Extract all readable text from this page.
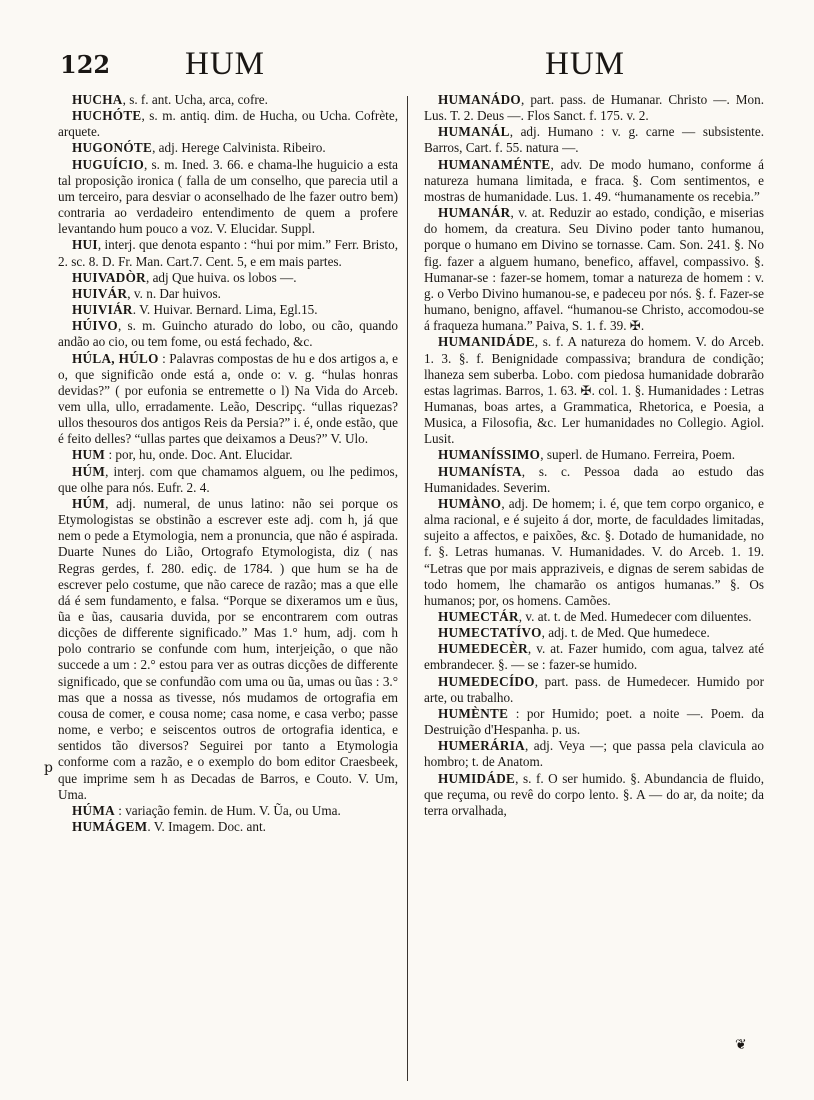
122 HUM	HUM
p
❦

HUCHA, s. f. ant. Ucha, arca, cofre.

HUCHÓTE, s. m. antiq. dim. de Hucha, ou Ucha. Cofrète, arquete.

HUGONÓTE, adj. Herege Calvinista. Ribeiro.

HUGUÍCIO, s. m. Ined. 3. 66. e chama-lhe huguicio a esta tal proposição ironica ( falla de um conselho, que parecia util a um terceiro, para desviar o aconselhado de lhe fazer outro bem) contraria ao verdadeiro entendimento de quem a profere levantando hum pouco a voz. V. Elucidar. Suppl.

HUI, interj. que denota espanto : “hui por mim.” Ferr. Bristo, 2. sc. 8. D. Fr. Man. Cart.7. Cent. 5, e em mais partes.

HUIVADÒR, adj Que huiva. os lobos —.

HUIVÁR, v. n. Dar huivos.

HUIVIÁR. V. Huivar. Bernard. Lima, Egl.15.

HÚIVO, s. m. Guincho aturado do lobo, ou cão, quando andão ao cio, ou tem fome, ou está fechado, &c.

HÚLA, HÚLO : Palavras compostas de hu e dos artigos a, e o, que significão onde está a, onde o: v. g. “hulas honras devidas?” ( por eufonia se entremette o l) Na Vida do Arceb. vem ulla, ullo, erradamente. Leão, Descripç. “ullas riquezas? ullos thesouros dos antigos Reis da Persia?” i. é, onde estão, que é feito delles? “ullas partes que deixamos a Deus?” V. Ulo.

HUM : por, hu, onde. Doc. Ant. Elucidar.

HÚM, interj. com que chamamos alguem, ou lhe pedimos, que olhe para nós. Eufr. 2. 4.

HÚM, adj. numeral, de unus latino: não sei porque os Etymologistas se obstinão a escrever este adj. com h, já que nem o pede a Etymologia, nem a pronuncia, que não é aspirada. Duarte Nunes do Lião, Ortografo Etymologista, diz ( nas Regras gerdes, f. 280. ediç. de 1784. ) que hum se ha de escrever pelo costume, que não carece de razão; mas a que elle dá é sem fundamento, e falsa. “Porque se dixeramos um e ũus, ũa e ũas, causaria duvida, por se encontrarem com outras dicções de differente significado.” Mas 1.° hum, adj. com h polo contrario se confunde com hum, interjeição, o que não succede a um : 2.° estou para ver as outras dicções de differente significado, que se confundão com uma ou ũa, umas ou ũas : 3.° mas que a nossa as tivesse, nós mudamos de ortografia em cousa de comer, e cousa nome; casa nome, e casa verbo; passe nome, e verbo; e seiscentos outros de ortografia identica, e sentidos tão diversos? Seguirei por tanto a Etymologia conforme com a razão, e o exemplo do bom editor Craesbeek, que imprime sem h as Decadas de Barros, e Couto. V. Um, Uma.

HÚMA : variação femin. de Hum. V. Ũa, ou Uma.

HUMÁGEM. V. Imagem. Doc. ant.

HUMANÁDO, part. pass. de Humanar. Christo —. Mon. Lus. T. 2. Deus —. Flos Sanct. f. 175. v. 2.

HUMANÁL, adj. Humano : v. g. carne — subsistente. Barros, Cart. f. 55. natura —.

HUMANAMÉNTE, adv. De modo humano, conforme á natureza humana limitada, e fraca. §. Com sentimentos, e mostras de humanidade. Lus. 1. 49. “humanamente os recebia.”

HUMANÁR, v. at. Reduzir ao estado, condição, e miserias do homem, da creatura. Seu Divino poder tanto humanou, porque o humano em Divino se tornasse. Cam. Son. 241. §. No fig. fazer a alguem humano, benefico, affavel, compassivo. §. Humanar-se : fazer-se homem, tomar a natureza de homem : v. g. o Verbo Divino humanou-se, e padeceu por nós. §. f. Fazer-se humano, benigno, affavel. “humanou-se Christo, accomodou-se á fraqueza humana.” Paiva, S. 1. f. 39. ✠.

HUMANIDÁDE, s. f. A natureza do homem. V. do Arceb. 1. 3. §. f. Benignidade compassiva; brandura de condição; lhaneza sem suberba. Lobo. com piedosa humanidade dobrarão estas lagrimas. Barros, 1. 63. ✠. col. 1. §. Humanidades : Letras Humanas, boas artes, a Grammatica, Rhetorica, e Poesia, a Musica, a Filosofia, &c. Ler humanidades no Collegio. Agiol. Lusit.

HUMANÍSSIMO, superl. de Humano. Ferreira, Poem.

HUMANÍSTA, s. c. Pessoa dada ao estudo das Humanidades. Severim.

HUMÀNO, adj. De homem; i. é, que tem corpo organico, e alma racional, e é sujeito á dor, morte, de faculdades limitadas, sujeito a affectos, e paixões, &c. §. Dotado de humanidade, no f. §. Letras humanas. V. Humanidades. V. do Arceb. 1. 19. “Letras que por mais appraziveis, e dignas de serem sabidas de todo homem, lhe chamarão os antigos humanas.” §. Os humanos; por, os homens. Camões.

HUMECTÁR, v. at. t. de Med. Humedecer com diluentes.

HUMECTATÍVO, adj. t. de Med. Que humedece.

HUMEDECÈR, v. at. Fazer humido, com agua, talvez até embrandecer. §. — se : fazer-se humido.

HUMEDECÍDO, part. pass. de Humedecer. Humido por arte, ou trabalho.

HUMÈNTE : por Humido; poet. a noite —. Poem. da Destruição d'Hespanha. p. us.

HUMERÁRIA, adj. Veya —; que passa pela clavicula ao hombro; t. de Anatom.

HUMIDÁDE, s. f. O ser humido. §. Abundancia de fluido, que reçuma, ou revê do corpo lento. §. A — do ar, da noite; da terra orvalhada,
